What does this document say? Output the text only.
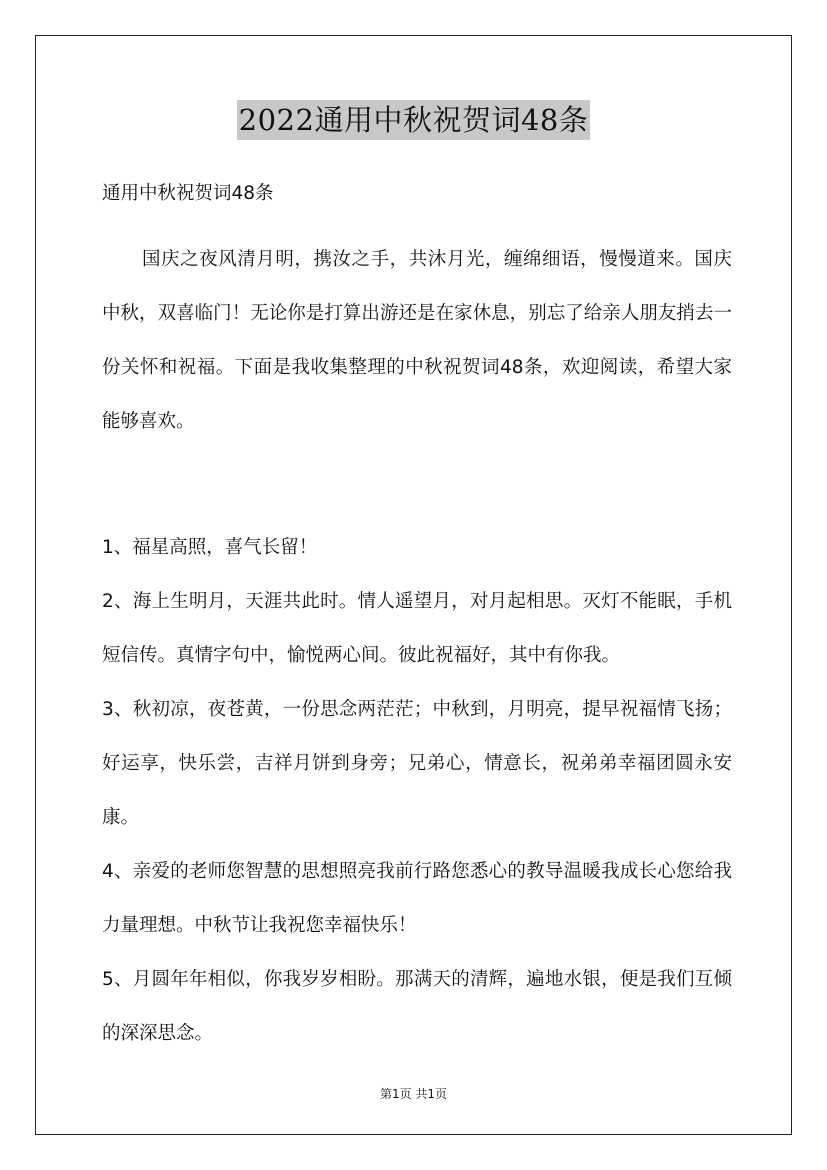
2022通用中秋祝贺词48条

通用中秋祝贺词48条

国庆之夜风清月明，携汝之手，共沐月光，缠绵细语，慢慢道来。国庆中秋，双喜临门！无论你是打算出游还是在家休息，别忘了给亲人朋友捎去一份关怀和祝福。下面是我收集整理的中秋祝贺词48条，欢迎阅读，希望大家能够喜欢。

1、福星高照，喜气长留！

2、海上生明月，天涯共此时。情人遥望月，对月起相思。灭灯不能眠，手机短信传。真情字句中，愉悦两心间。彼此祝福好，其中有你我。

3、秋初凉，夜苍黄，一份思念两茫茫；中秋到，月明亮，提早祝福情飞扬；好运享，快乐尝，吉祥月饼到身旁；兄弟心，情意长，祝弟弟幸福团圆永安康。

4、亲爱的老师您智慧的思想照亮我前行路您悉心的教导温暖我成长心您给我力量理想。中秋节让我祝您幸福快乐！

5、月圆年年相似，你我岁岁相盼。那满天的清辉，遍地水银，便是我们互倾的深深思念。

第1页 共1页
